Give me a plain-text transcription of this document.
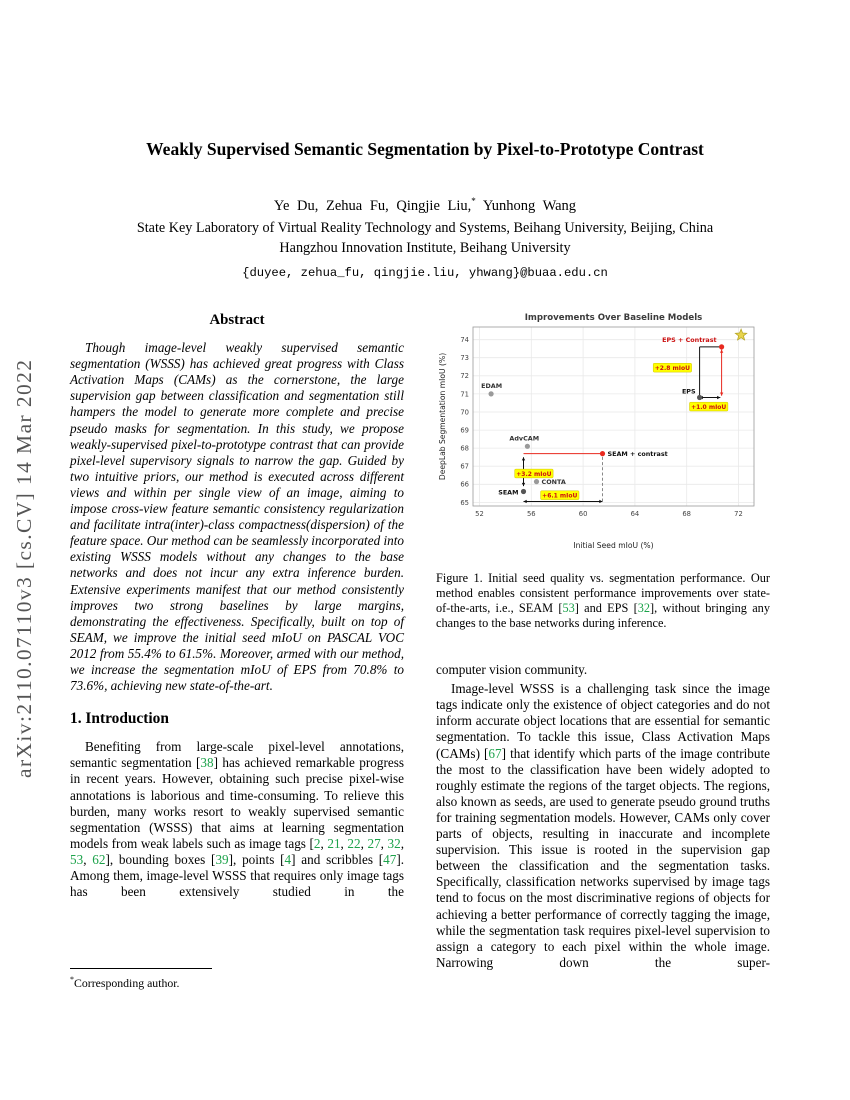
arXiv:2110.07110v3 [cs.CV] 14 Mar 2022
Weakly Supervised Semantic Segmentation by Pixel-to-Prototype Contrast
Ye Du, Zehua Fu, Qingjie Liu,* Yunhong Wang
State Key Laboratory of Virtual Reality Technology and Systems, Beihang University, Beijing, China
Hangzhou Innovation Institute, Beihang University
{duyee, zehua_fu, qingjie.liu, yhwang}@buaa.edu.cn
Abstract

Though image-level weakly supervised semantic segmentation (WSSS) has achieved great progress with Class Activation Maps (CAMs) as the cornerstone, the large supervision gap between classification and segmentation still hampers the model to generate more complete and precise pseudo masks for segmentation. In this study, we propose weakly-supervised pixel-to-prototype contrast that can provide pixel-level supervisory signals to narrow the gap. Guided by two intuitive priors, our method is executed across different views and within per single view of an image, aiming to impose cross-view feature semantic consistency regularization and facilitate intra(inter)-class compactness(dispersion) of the feature space. Our method can be seamlessly incorporated into existing WSSS models without any changes to the base networks and does not incur any extra inference burden. Extensive experiments manifest that our method consistently improves two strong baselines by large margins, demonstrating the effectiveness. Specifically, built on top of SEAM, we improve the initial seed mIoU on PASCAL VOC 2012 from 55.4% to 61.5%. Moreover, armed with our method, we increase the segmentation mIoU of EPS from 70.8% to 73.6%, achieving new state-of-the-art.

1. Introduction

Benefiting from large-scale pixel-level annotations, semantic segmentation [38] has achieved remarkable progress in recent years. However, obtaining such precise pixel-wise annotations is laborious and time-consuming. To relieve this burden, many works resort to weakly supervised semantic segmentation (WSSS) that aims at learning segmentation models from weak labels such as image tags [2, 21, 22, 27, 32, 53, 62], bounding boxes [39], points [4] and scribbles [47]. Among them, image-level WSSS that requires only image tags has been extensively studied in the

Improvements Over Baseline Models
65
66
67
68
69
70
71
72
73
74
52	56	60	64	68	72
Initial Seed mIoU (%)
DeepLab Segmentation mIoU (%)	EDAM
AdvCAM
CONTA
SEAM
SEAM + contrast
EPS
EPS + Contrast
+2.8 mIoU
+1.0 mIoU
+3.2 mIoU
+6.1 mIoU

Figure 1. Initial seed quality vs. segmentation performance. Our method enables consistent performance improvements over state-of-the-arts, i.e., SEAM [53] and EPS [32], without bringing any changes to the base networks during inference.

computer vision community.

Image-level WSSS is a challenging task since the image tags indicate only the existence of object categories and do not inform accurate object locations that are essential for semantic segmentation. To tackle this issue, Class Activation Maps (CAMs) [67] that identify which parts of the image contribute the most to the classification have been widely adopted to roughly estimate the regions of the target objects. The regions, also known as seeds, are used to generate pseudo ground truths for training segmentation models. However, CAMs only cover parts of objects, resulting in inaccurate and incomplete supervision. This issue is rooted in the supervision gap between the classification and the segmentation tasks. Specifically, classification networks supervised by image tags tend to focus on the most discriminative regions of objects for achieving a better performance of correctly tagging the image, while the segmentation task requires pixel-level supervision to assign a category to each pixel within the whole image. Narrowing down the super-

*Corresponding author.
